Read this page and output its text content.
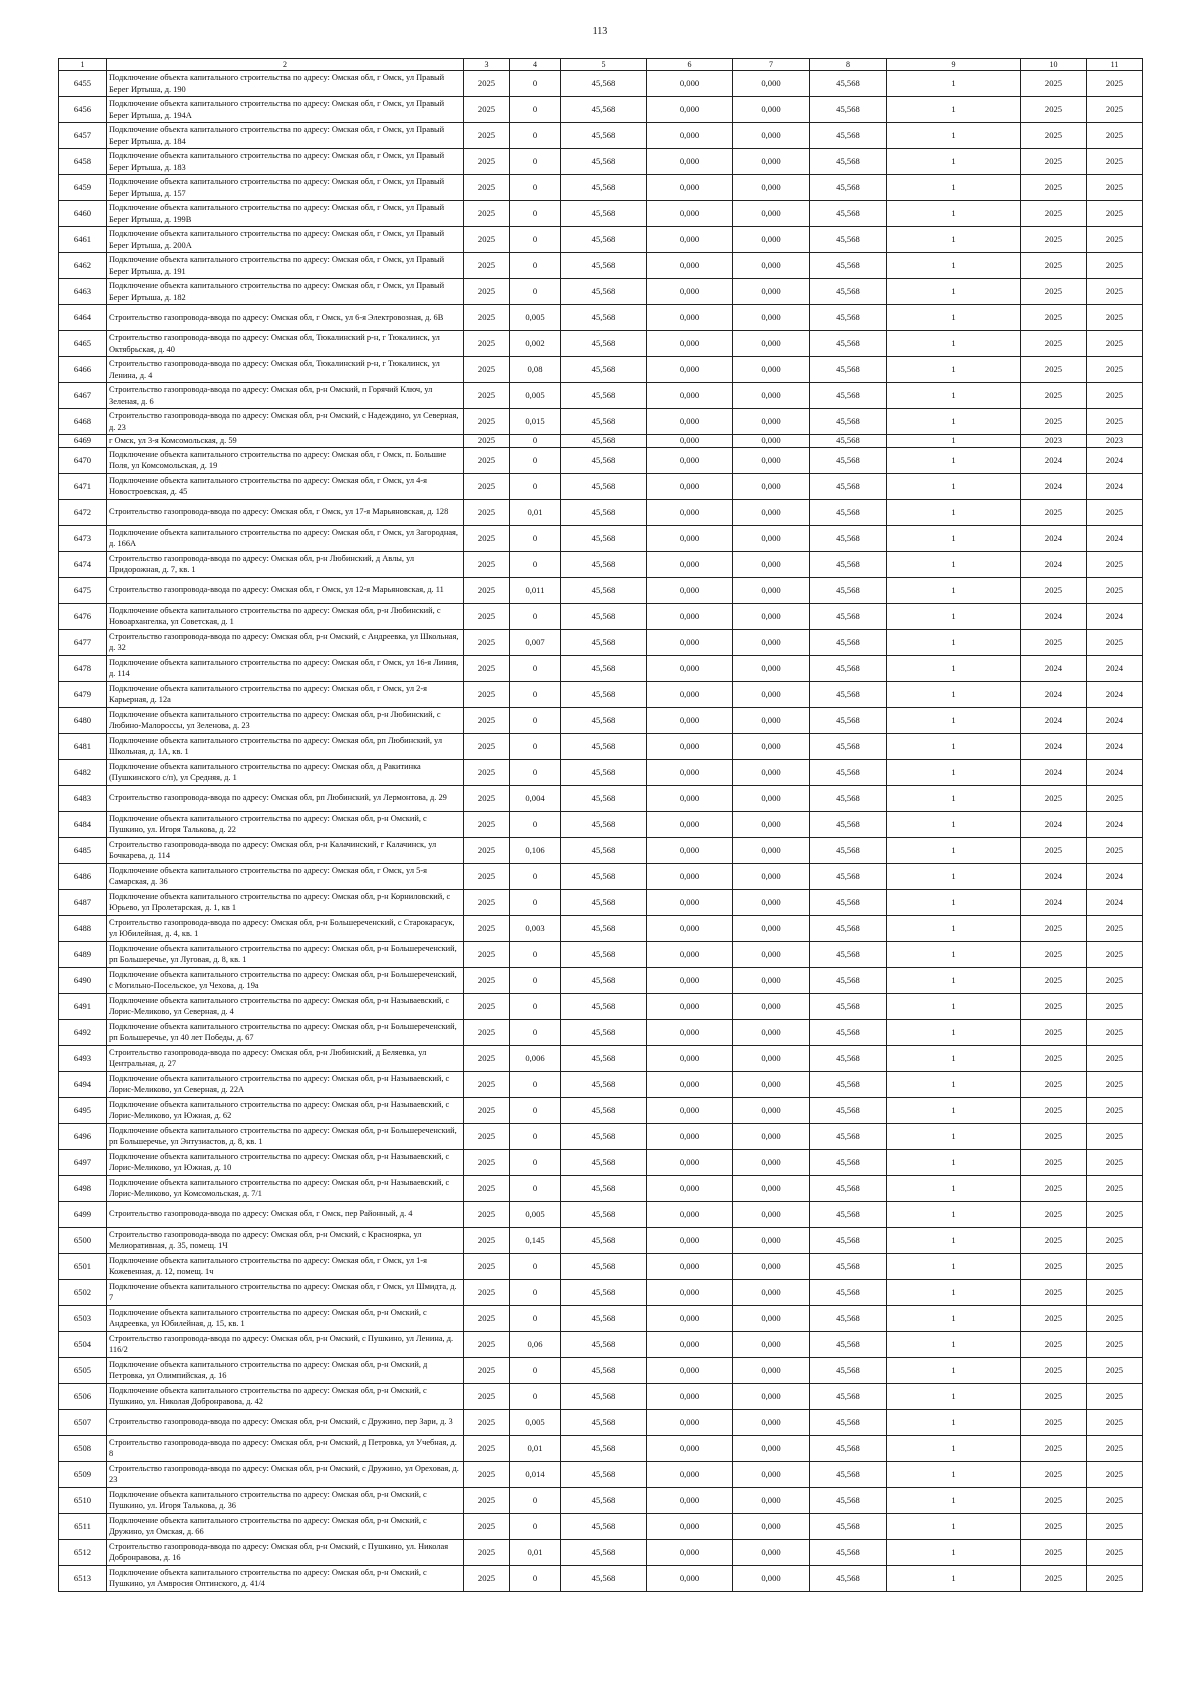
113
1	2	3	4	5	6	7	8	9	10	11
6455	Подключение объекта капитального строительства по адресу: Омская обл, г Омск, ул Правый Берег Иртыша, д. 190	2025	0	45,568	0,000	0,000	45,568	1	2025	2025
6456	Подключение объекта капитального строительства по адресу: Омская обл, г Омск, ул Правый Берег Иртыша, д. 194А	2025	0	45,568	0,000	0,000	45,568	1	2025	2025
6457	Подключение объекта капитального строительства по адресу: Омская обл, г Омск, ул Правый Берег Иртыша, д. 184	2025	0	45,568	0,000	0,000	45,568	1	2025	2025
6458	Подключение объекта капитального строительства по адресу: Омская обл, г Омск, ул Правый Берег Иртыша, д. 183	2025	0	45,568	0,000	0,000	45,568	1	2025	2025
6459	Подключение объекта капитального строительства по адресу: Омская обл, г Омск, ул Правый Берег Иртыша, д. 157	2025	0	45,568	0,000	0,000	45,568	1	2025	2025
6460	Подключение объекта капитального строительства по адресу: Омская обл, г Омск, ул Правый Берег Иртыша, д. 199В	2025	0	45,568	0,000	0,000	45,568	1	2025	2025
6461	Подключение объекта капитального строительства по адресу: Омская обл, г Омск, ул Правый Берег Иртыша, д. 200А	2025	0	45,568	0,000	0,000	45,568	1	2025	2025
6462	Подключение объекта капитального строительства по адресу: Омская обл, г Омск, ул Правый Берег Иртыша, д. 191	2025	0	45,568	0,000	0,000	45,568	1	2025	2025
6463	Подключение объекта капитального строительства по адресу: Омская обл, г Омск, ул Правый Берег Иртыша, д. 182	2025	0	45,568	0,000	0,000	45,568	1	2025	2025
6464	Строительство газопровода-ввода по адресу: Омская обл, г Омск, ул 6-я Электровозная, д. 6В	2025	0,005	45,568	0,000	0,000	45,568	1	2025	2025
6465	Строительство газопровода-ввода по адресу: Омская обл, Тюкалинский р-н, г Тюкалинск, ул Октябрьская, д. 40	2025	0,002	45,568	0,000	0,000	45,568	1	2025	2025
6466	Строительство газопровода-ввода по адресу: Омская обл, Тюкалинский р-н, г Тюкалинск, ул Ленина, д. 4	2025	0,08	45,568	0,000	0,000	45,568	1	2025	2025
6467	Строительство газопровода-ввода по адресу: Омская обл, р-н Омский, п Горячий Ключ, ул Зеленая, д. 6	2025	0,005	45,568	0,000	0,000	45,568	1	2025	2025
6468	Строительство газопровода-ввода по адресу: Омская обл, р-н Омский, с Надеждино, ул Северная, д. 23	2025	0,015	45,568	0,000	0,000	45,568	1	2025	2025
6469	г Омск, ул 3-я Комсомольская, д. 59	2025	0	45,568	0,000	0,000	45,568	1	2023	2023
6470	Подключение объекта капитального строительства по адресу: Омская обл, г Омск, п. Большие Поля, ул Комсомольская, д. 19	2025	0	45,568	0,000	0,000	45,568	1	2024	2024
6471	Подключение объекта капитального строительства по адресу: Омская обл, г Омск, ул 4-я Новостроевская, д. 45	2025	0	45,568	0,000	0,000	45,568	1	2024	2024
6472	Строительство газопровода-ввода по адресу: Омская обл, г Омск, ул 17-я Марьяновская, д. 128	2025	0,01	45,568	0,000	0,000	45,568	1	2025	2025
6473	Подключение объекта капитального строительства по адресу: Омская обл, г Омск, ул Загородная, д. 166А	2025	0	45,568	0,000	0,000	45,568	1	2024	2024
6474	Строительство газопровода-ввода по адресу: Омская обл, р-н Любинский, д Авлы, ул Придорожная, д. 7, кв. 1	2025	0	45,568	0,000	0,000	45,568	1	2024	2025
6475	Строительство газопровода-ввода по адресу: Омская обл, г Омск, ул 12-я Марьяновская, д. 11	2025	0,011	45,568	0,000	0,000	45,568	1	2025	2025
6476	Подключение объекта капитального строительства по адресу: Омская обл, р-н Любинский, с Новоархангелка, ул Советская, д. 1	2025	0	45,568	0,000	0,000	45,568	1	2024	2024
6477	Строительство газопровода-ввода по адресу: Омская обл, р-н Омский, с Андреевка, ул Школьная, д. 32	2025	0,007	45,568	0,000	0,000	45,568	1	2025	2025
6478	Подключение объекта капитального строительства по адресу: Омская обл, г Омск, ул 16-я Линия, д. 114	2025	0	45,568	0,000	0,000	45,568	1	2024	2024
6479	Подключение объекта капитального строительства по адресу: Омская обл, г Омск, ул 2-я Карьерная, д. 12а	2025	0	45,568	0,000	0,000	45,568	1	2024	2024
6480	Подключение объекта капитального строительства по адресу: Омская обл, р-н Любинский, с Любино-Малороссы, ул Зеленова, д. 23	2025	0	45,568	0,000	0,000	45,568	1	2024	2024
6481	Подключение объекта капитального строительства по адресу: Омская обл, рп Любинский, ул Школьная, д. 1А, кв. 1	2025	0	45,568	0,000	0,000	45,568	1	2024	2024
6482	Подключение объекта капитального строительства по адресу: Омская обл, д Ракитинка (Пушкинского с/п), ул Средняя, д. 1	2025	0	45,568	0,000	0,000	45,568	1	2024	2024
6483	Строительство газопровода-ввода по адресу: Омская обл, рп Любинский, ул Лермонтова, д. 29	2025	0,004	45,568	0,000	0,000	45,568	1	2025	2025
6484	Подключение объекта капитального строительства по адресу: Омская обл, р-н Омский, с Пушкино, ул. Игоря Талькова, д. 22	2025	0	45,568	0,000	0,000	45,568	1	2024	2024
6485	Строительство газопровода-ввода по адресу: Омская обл, р-н Калачинский, г Калачинск, ул Бочкарева, д. 114	2025	0,106	45,568	0,000	0,000	45,568	1	2025	2025
6486	Подключение объекта капитального строительства по адресу: Омская обл, г Омск, ул 5-я Самарская, д. 36	2025	0	45,568	0,000	0,000	45,568	1	2024	2024
6487	Подключение объекта капитального строительства по адресу: Омская обл, р-н Корниловский, с Юрьево, ул Пролетарская, д. 1, кв 1	2025	0	45,568	0,000	0,000	45,568	1	2024	2024
6488	Строительство газопровода-ввода по адресу: Омская обл, р-н Большереченский, с Старокарасук, ул Юбилейная, д. 4, кв. 1	2025	0,003	45,568	0,000	0,000	45,568	1	2025	2025
6489	Подключение объекта капитального строительства по адресу: Омская обл, р-н Большереченский, рп Большеречье, ул Луговая, д. 8, кв. 1	2025	0	45,568	0,000	0,000	45,568	1	2025	2025
6490	Подключение объекта капитального строительства по адресу: Омская обл, р-н Большереченский, с Могильно-Посельское, ул Чехова, д. 19а	2025	0	45,568	0,000	0,000	45,568	1	2025	2025
6491	Подключение объекта капитального строительства по адресу: Омская обл, р-н Называевский, с Лорис-Меликово, ул Северная, д. 4	2025	0	45,568	0,000	0,000	45,568	1	2025	2025
6492	Подключение объекта капитального строительства по адресу: Омская обл, р-н Большереченский, рп Большеречье, ул 40 лет Победы, д. 67	2025	0	45,568	0,000	0,000	45,568	1	2025	2025
6493	Строительство газопровода-ввода по адресу: Омская обл, р-н Любинский, д Беляевка, ул Центральная, д. 27	2025	0,006	45,568	0,000	0,000	45,568	1	2025	2025
6494	Подключение объекта капитального строительства по адресу: Омская обл, р-н Называевский, с Лорис-Меликово, ул Северная, д. 22А	2025	0	45,568	0,000	0,000	45,568	1	2025	2025
6495	Подключение объекта капитального строительства по адресу: Омская обл, р-н Называевский, с Лорис-Меликово, ул Южная, д. 62	2025	0	45,568	0,000	0,000	45,568	1	2025	2025
6496	Подключение объекта капитального строительства по адресу: Омская обл, р-н Большереченский, рп Большеречье, ул Энтузиастов, д. 8, кв. 1	2025	0	45,568	0,000	0,000	45,568	1	2025	2025
6497	Подключение объекта капитального строительства по адресу: Омская обл, р-н Называевский, с Лорис-Меликово, ул Южная, д. 10	2025	0	45,568	0,000	0,000	45,568	1	2025	2025
6498	Подключение объекта капитального строительства по адресу: Омская обл, р-н Называевский, с Лорис-Меликово, ул Комсомольская, д. 7/1	2025	0	45,568	0,000	0,000	45,568	1	2025	2025
6499	Строительство газопровода-ввода по адресу: Омская обл, г Омск, пер Районный, д. 4	2025	0,005	45,568	0,000	0,000	45,568	1	2025	2025
6500	Строительство газопровода-ввода по адресу: Омская обл, р-н Омский, с Красноярка, ул Мелиоративная, д. 35, помещ. 1Ч	2025	0,145	45,568	0,000	0,000	45,568	1	2025	2025
6501	Подключение объекта капитального строительства по адресу: Омская обл, г Омск, ул 1-я Кожевенная, д. 12, помещ. 1ч	2025	0	45,568	0,000	0,000	45,568	1	2025	2025
6502	Подключение объекта капитального строительства по адресу: Омская обл, г Омск, ул Шмидта, д. 7	2025	0	45,568	0,000	0,000	45,568	1	2025	2025
6503	Подключение объекта капитального строительства по адресу: Омская обл, р-н Омский, с Андреевка, ул Юбилейная, д. 15, кв. 1	2025	0	45,568	0,000	0,000	45,568	1	2025	2025
6504	Строительство газопровода-ввода по адресу: Омская обл, р-н Омский, с Пушкино, ул Ленина, д. 116/2	2025	0,06	45,568	0,000	0,000	45,568	1	2025	2025
6505	Подключение объекта капитального строительства по адресу: Омская обл, р-н Омский, д Петровка, ул Олимпийская, д. 16	2025	0	45,568	0,000	0,000	45,568	1	2025	2025
6506	Подключение объекта капитального строительства по адресу: Омская обл, р-н Омский, с Пушкино, ул. Николая Добронравова, д. 42	2025	0	45,568	0,000	0,000	45,568	1	2025	2025
6507	Строительство газопровода-ввода по адресу: Омская обл, р-н Омский, с Дружино, пер Зари, д. 3	2025	0,005	45,568	0,000	0,000	45,568	1	2025	2025
6508	Строительство газопровода-ввода по адресу: Омская обл, р-н Омский, д Петровка, ул Учебная, д. 8	2025	0,01	45,568	0,000	0,000	45,568	1	2025	2025
6509	Строительство газопровода-ввода по адресу: Омская обл, р-н Омский, с Дружино, ул Ореховая, д. 23	2025	0,014	45,568	0,000	0,000	45,568	1	2025	2025
6510	Подключение объекта капитального строительства по адресу: Омская обл, р-н Омский, с Пушкино, ул. Игоря Талькова, д. 36	2025	0	45,568	0,000	0,000	45,568	1	2025	2025
6511	Подключение объекта капитального строительства по адресу: Омская обл, р-н Омский, с Дружино, ул Омская, д. 66	2025	0	45,568	0,000	0,000	45,568	1	2025	2025
6512	Строительство газопровода-ввода по адресу: Омская обл, р-н Омский, с Пушкино, ул. Николая Добронравова, д. 16	2025	0,01	45,568	0,000	0,000	45,568	1	2025	2025
6513	Подключение объекта капитального строительства по адресу: Омская обл, р-н Омский, с Пушкино, ул Амвросия Оптинского, д. 41/4	2025	0	45,568	0,000	0,000	45,568	1	2025	2025
